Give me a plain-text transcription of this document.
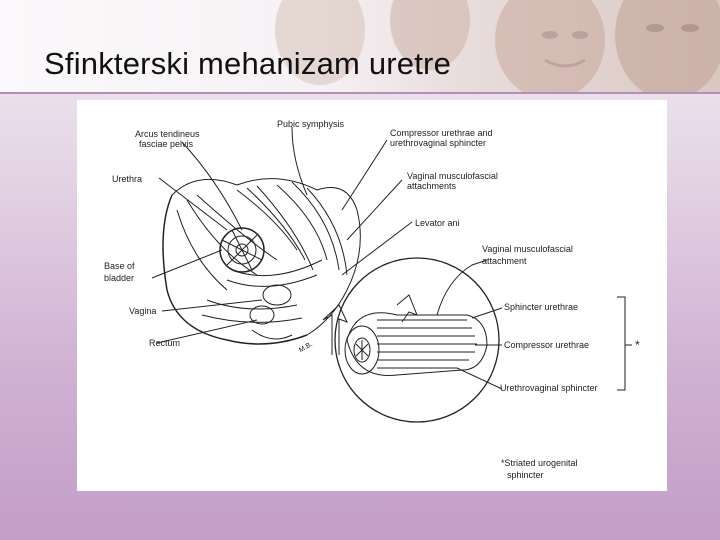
Sfinkterski mehanizam uretre
Arcus tendineus
fasciae pelvis
Pubic symphysis
Compressor urethrae and
urethrovaginal sphincter
Urethra	Vaginal musculofascial
attachments
Levator ani
Base of
bladder
Vaginal musculofascial
attachment
Vagina
Rectum
Sphincter urethrae
Compressor urethrae
Urethrovaginal sphincter
*
*Striated urogenital
sphincter
M.B.
